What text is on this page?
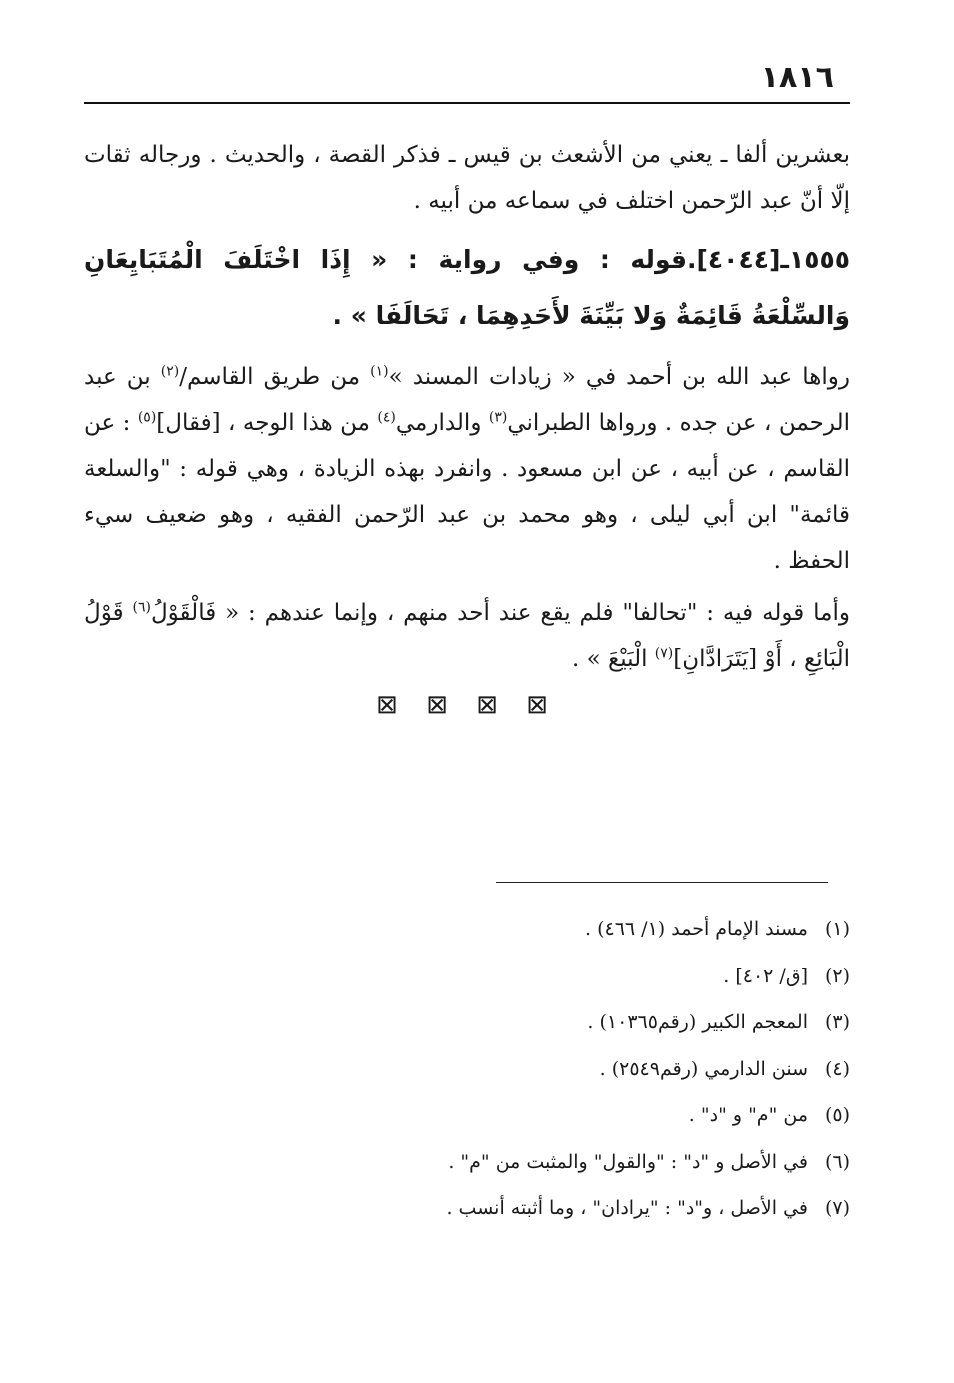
١٨١٦

بعشرين ألفا ـ يعني من الأشعث بن قيس ـ فذكر القصة ، والحديث . ورجاله ثقات إلّا أنّ عبد الرّحمن اختلف في سماعه من أبيه .

١٥٥٥ـ[٤٠٤٤].قوله : وفي رواية : « إِذَا اخْتَلَفَ الْمُتَبَايِعَانِ وَالسِّلْعَةُ قَائِمَةٌ وَلا بَيِّنَةَ لأَحَدِهِمَا ، تَحَالَفَا » .

رواها عبد الله بن أحمد في « زيادات المسند »$^{(١)}$ من طريق القاسم/$^{(٢)}$ بن عبد الرحمن ، عن جده . ورواها الطبراني$^{(٣)}$ والدارمي$^{(٤)}$ من هذا الوجه ، [فقال]$^{(٥)}$ : عن القاسم ، عن أبيه ، عن ابن مسعود . وانفرد بهذه الزيادة ، وهي قوله : "والسلعة قائمة" ابن أبي ليلى ، وهو محمد بن عبد الرّحمن الفقيه ، وهو ضعيف سيء الحفظ .

وأما قوله فيه : "تحالفا" فلم يقع عند أحد منهم ، وإنما عندهم : « فَالْقَوْلُ$^{(٦)}$ قَوْلُ الْبَائِعِ ، أَوْ [يَتَرَادَّانِ]$^{(٧)}$ الْبَيْعَ » .

⊠ ⊠ ⊠ ⊠
(١)مسند الإمام أحمد (١/ ٤٦٦) .
(٢)[ق/ ٤٠٢] .
(٣)المعجم الكبير (رقم١٠٣٦٥) .
(٤)سنن الدارمي (رقم٢٥٤٩) .
(٥)من "م" و "د" .
(٦)في الأصل و "د" : "والقول" والمثبت من "م" .
(٧)في الأصل ، و"د" : "يرادان" ، وما أثبته أنسب .
